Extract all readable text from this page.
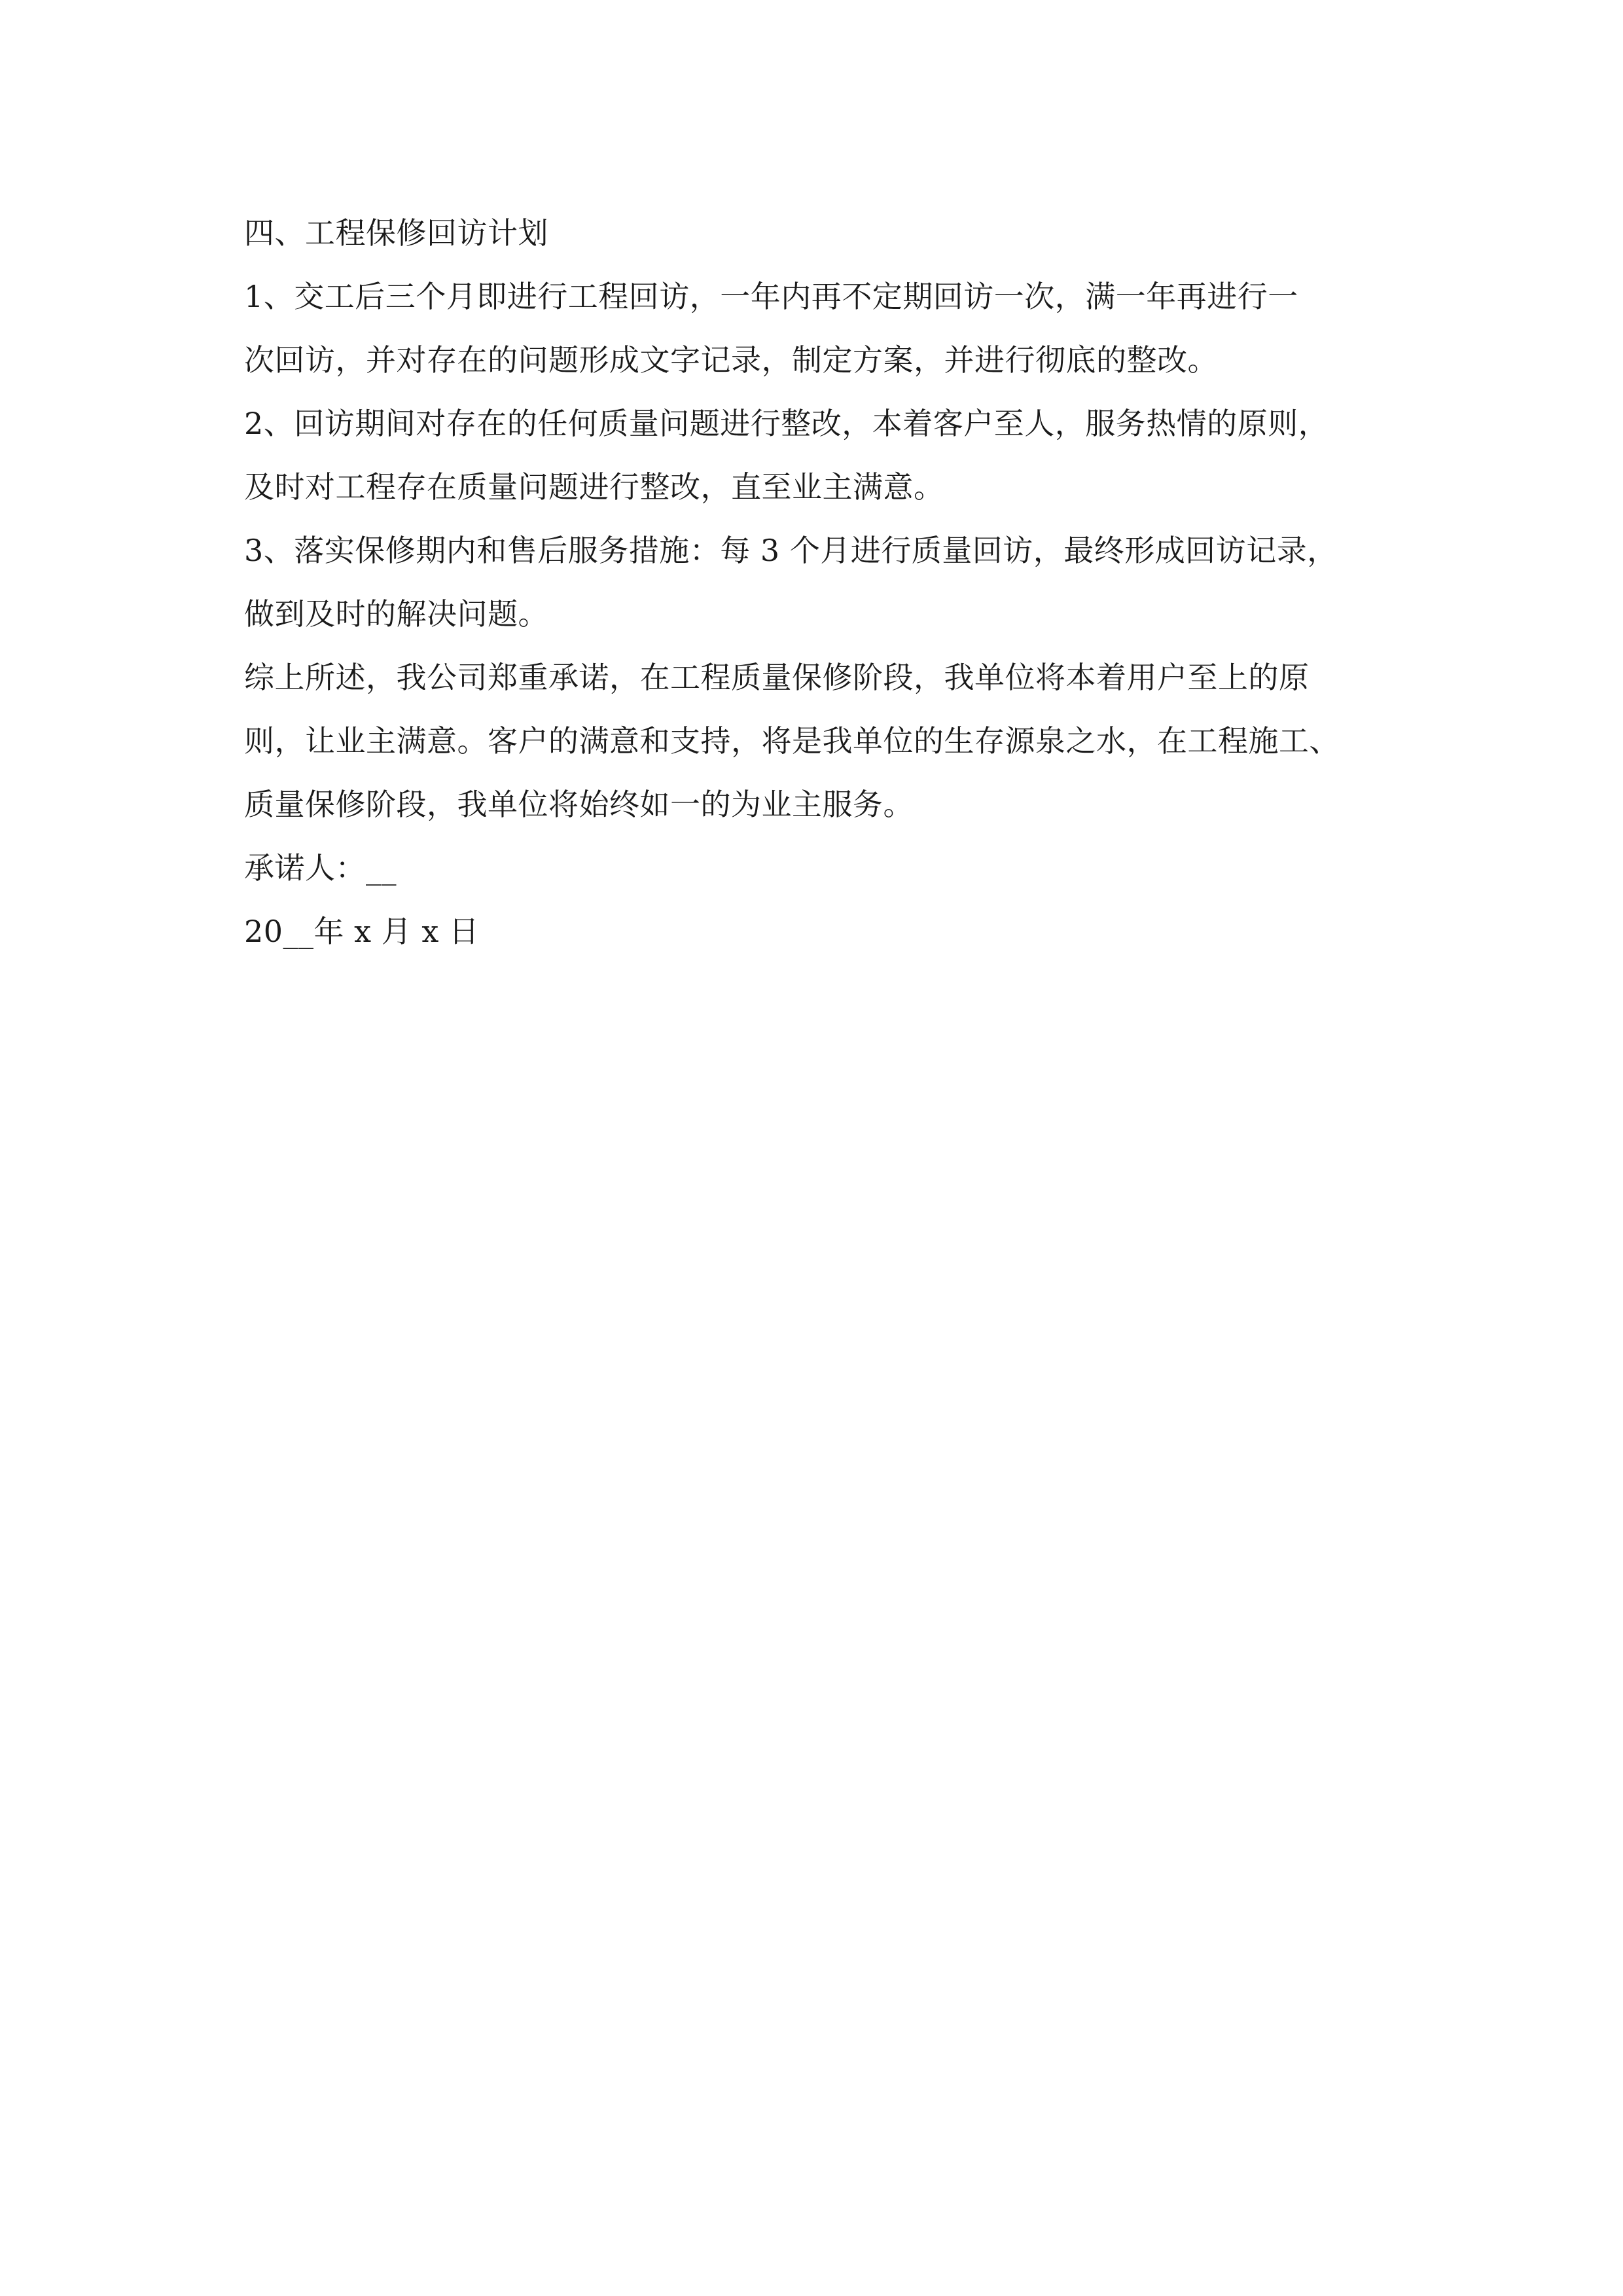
四、工程保修回访计划
1、交工后三个月即进行工程回访，一年内再不定期回访一次，满一年再进行一
次回访，并对存在的问题形成文字记录，制定方案，并进行彻底的整改。
2、回访期间对存在的任何质量问题进行整改，本着客户至人，服务热情的原则，
及时对工程存在质量问题进行整改，直至业主满意。
3、落实保修期内和售后服务措施：每 3 个月进行质量回访，最终形成回访记录，
做到及时的解决问题。
综上所述，我公司郑重承诺，在工程质量保修阶段，我单位将本着用户至上的原
则，让业主满意。客户的满意和支持，将是我单位的生存源泉之水，在工程施工、
质量保修阶段，我单位将始终如一的为业主服务。
承诺人：__
20__年 x 月 x 日
